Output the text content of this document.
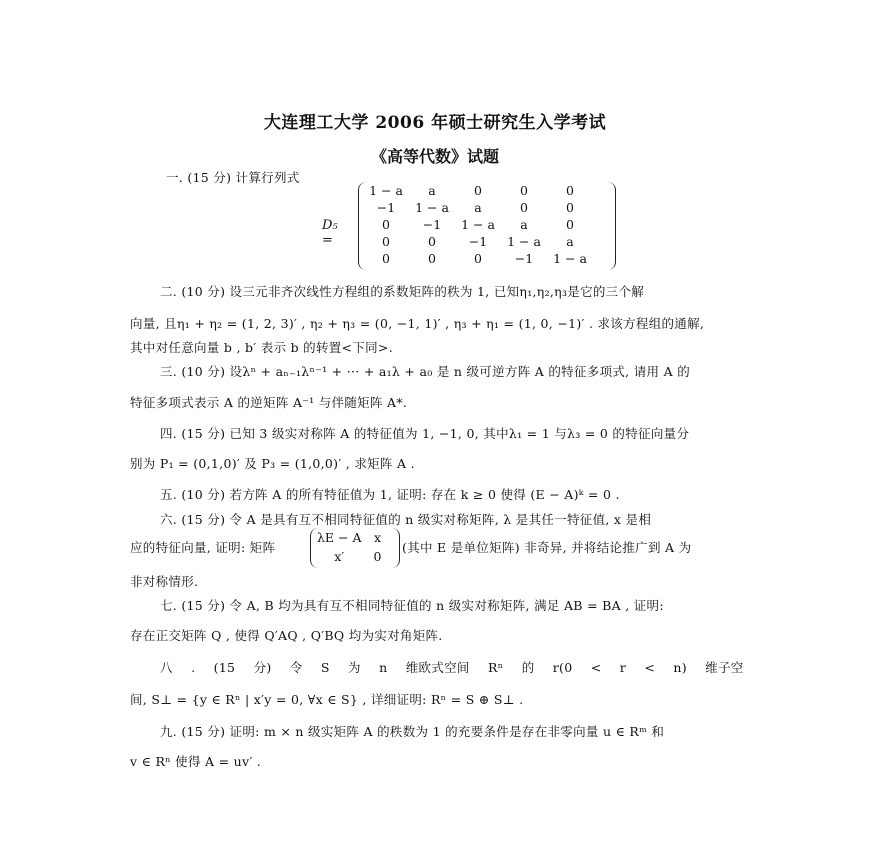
大连理工大学 2006 年硕士研究生入学考试
《高等代数》试题
一. (15 分) 计算行列式
D₅ =
1 − a	a	0	0	0
−1	1 − a	a	0	0
0	−1	1 − a	a	0
0	0	−1	1 − a	a
0	0	0	−1	1 − a
二. (10 分) 设三元非齐次线性方程组的系数矩阵的秩为 1, 已知η₁,η₂,η₃是它的三个解
向量, 且η₁ + η₂ = (1, 2, 3)′ , η₂ + η₃ = (0, −1, 1)′ , η₃ + η₁ = (1, 0, −1)′ . 求该方程组的通解,
其中对任意向量 b , b′ 表示 b 的转置<下同>.
三. (10 分) 设λⁿ + aₙ₋₁λⁿ⁻¹ + ··· + a₁λ + a₀ 是 n 级可逆方阵 A 的特征多项式, 请用 A 的
特征多项式表示 A 的逆矩阵 A⁻¹ 与伴随矩阵 A*.
四. (15 分) 已知 3 级实对称阵 A 的特征值为 1, −1, 0, 其中λ₁ = 1 与λ₃ = 0 的特征向量分
别为 P₁ = (0,1,0)′ 及 P₃ = (1,0,0)′ , 求矩阵 A .
五. (10 分) 若方阵 A 的所有特征值为 1, 证明: 存在 k ≥ 0 使得 (E − A)ᵏ = 0 .
六. (15 分) 令 A 是具有互不相同特征值的 n 级实对称矩阵, λ 是其任一特征值, x 是相
应的特征向量, 证明: 矩阵
λE − A	x
x′	0
(其中 E 是单位矩阵) 非奇异, 并将结论推广到 A 为
非对称情形.
七. (15 分) 令 A, B 均为具有互不相同特征值的 n 级实对称矩阵, 满足 AB = BA , 证明:
存在正交矩阵 Q , 使得 Q′AQ , Q′BQ 均为实对角矩阵.
八 . (15 分) 令 S 为 n 维欧式空间 Rⁿ 的 r(0 < r < n) 维子空
间, S⊥ = {y ∈ Rⁿ | x′y = 0, ∀x ∈ S} , 详细证明: Rⁿ = S ⊕ S⊥ .
九. (15 分) 证明: m × n 级实矩阵 A 的秩数为 1 的充要条件是存在非零向量 u ∈ Rᵐ 和
v ∈ Rⁿ 使得 A = uv′ .
